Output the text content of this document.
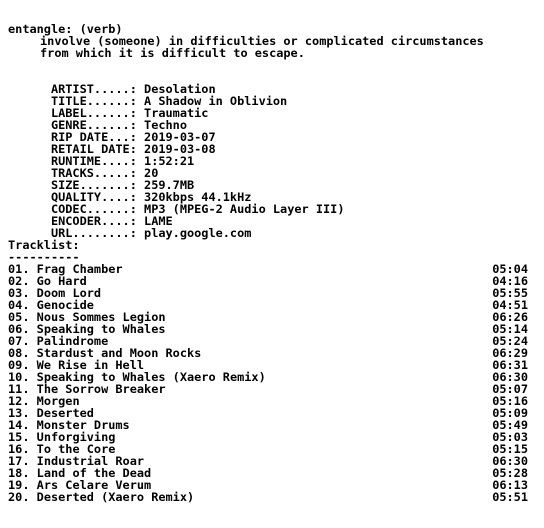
entangle: (verb)
involve (someone) in difficulties or complicated circumstances
from which it is difficult to escape.

ARTIST.....: Desolation

TITLE......: A Shadow in Oblivion

LABEL......: Traumatic

GENRE......: Techno

RIP DATE...: 2019-03-07

RETAIL DATE: 2019-03-08

RUNTIME....: 1:52:21

TRACKS.....: 20

SIZE.......: 259.7MB

QUALITY....: 320kbps 44.1kHz

CODEC......: MP3 (MPEG-2 Audio Layer III)

ENCODER....: LAME

URL........: play.google.com

Tracklist:
----------
01. Frag Chamber	05:04
02. Go Hard	04:16
03. Doom Lord	05:55
04. Genocide	04:51
05. Nous Sommes Legion	06:26
06. Speaking to Whales	05:14
07. Palindrome	05:24
08. Stardust and Moon Rocks	06:29
09. We Rise in Hell	06:31
10. Speaking to Whales (Xaero Remix)	06:30
11. The Sorrow Breaker	05:07
12. Morgen	05:16
13. Deserted	05:09
14. Monster Drums	05:49
15. Unforgiving	05:03
16. To the Core	05:15
17. Industrial Roar	06:30
18. Land of the Dead	05:28
19. Ars Celare Verum	06:13
20. Deserted (Xaero Remix)	05:51
